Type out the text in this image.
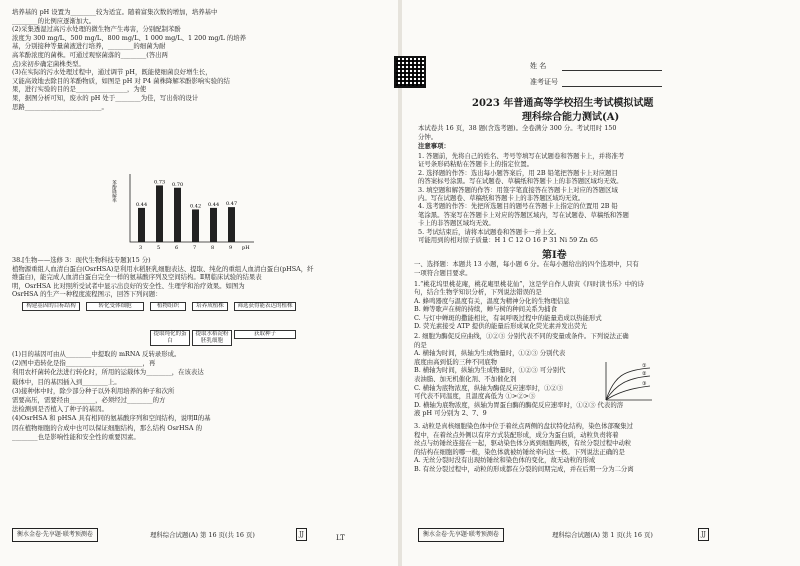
培养基的 pH 设置为________较为适宜。随着富集次数的增加，培养基中
________的比例应逐渐加大。
(2)采集透湿过高污水处理的微生物产生毒害，分别配制苯酚
浓度为 300 mg/L、500 mg/L、800 mg/L、1 000 mg/L、1 200 mg/L 的培养
基，分别接种等量菌液进行培养，________的细菌为耐
高苯酚浓度的菌株。可通过观察菌落的________(答出两
点)来初步确定菌株类型。
(3)在实际的污水处理过程中，通过调节 pH，既能使细菌良好增生长，
又能高效地去除目的苯酚物质，如图是 pH 对 P4 菌株降解苯酚影响实验的结
果，进行实验的目的是________________，为使
果，据图分析可知，废水的 pH 处于________为佳，写出你的设计
思路________________________。
苯酚降解率
0.44
3
0.73
5
0.70
6
0.42
7
0.44
8
0.47
9 pH
38.[生物——选修 3：现代生物科技专题](15 分)
植物源重组人血清白蛋白(OsrHSA)是利用水稻胚乳细胞表达、提取、纯化的重组人血清白蛋白(pHSA，纤
维蛋白)，能完成人血清白蛋白完全一样的氨基酸序列及空间结构。Ⅱ期临床试验的结果表
明，OsrHSA 比对照所受试者中显示出良好的安全性、生理学和治疗效果。如图为
OsrHSA 的生产一种程度流程图示，回答下列问题：
构建基因的目标结构	转化受体细胞	植物组织	培养成植株	筛选获得能表达的植株
提取纯化的蛋白
提取水稻淀粉胚乳细胞
获取种子
(1)目的基因可由从________中提取的 mRNA 反转录形成。
(2)图中造转化是指________________________，再
利用农杆菌转化法进行转化时，所用的运载体为________，在该表达
载体中，目的基因插入到________上。
(3)接种体中时，除少部分种子以外利用培养的种子和次所
需要高压，需要经由________，必须经过________的方
法检测到是否植入了种子的基因。
(4)OsrHSA 和 pHSA 具有相同的氨基酸序列和空间结构，说明Ⅱ的基
因在植物细胞的合成中也可以保证细胞结构，那么结构 OsrHSA 的
________也是影响性能和安全性的重要因素。
衡水金卷·先享题·联考预测卷	理科综合试题(A) 第 16 页(共 16 页)	JJ	LT
姓 名
准考证号
2023 年普通高等学校招生考试模拟试题
理科综合能力测试(A)
本试卷共 16 页，38 题(含选考题)。全卷满分 300 分。考试用时 150
分钟。
注意事项：
1. 答题前，先将自己的姓名、考号等填写在试题卷和答题卡上，并将准考
证号条形码粘贴在答题卡上的指定位置。
2. 选择题的作答：选出每小题答案后，用 2B 铅笔把答题卡上对应题目
的答案标号涂黑。写在试题卷、草稿纸和答题卡上的非答题区域均无效。
3. 填空题和解答题的作答：用签字笔直接答在答题卡上对应的答题区域
内。写在试题卷、草稿纸和答题卡上的非答题区域均无效。
4. 选考题的作答：先把所选题目的题号在答题卡上指定的位置用 2B 铅
笔涂黑。答案写在答题卡上对应的答题区域内，写在试题卷、草稿纸和答题
卡上的非答题区域均无效。
5. 考试结束后，请将本试题卷和答题卡一并上交。
可能用到的相对原子质量：H 1 C 12 O 16 P 31 Ni 59 Zn 65
第Ⅰ卷
一、选择题：本题共 13 小题，每小题 6 分。在每小题给出的四个选项中，只有
一项符合题目要求。
1.“桃花坞里桃花庵，桃花庵里桃花仙”，这是学自作人唐寅《四时读书乐》中的诗
句，结合生物学知识分析，下列说法错误的是
A. 蜂鸣器度与温度有关，温度为精神分化的生物理信息
B. 蝉等歌声在树的持续，蝉与树的种间关系为捕食
C. 与灯中蝉斑的撒能相比，有氧呼吸过程中的能量造成以热能形式
D. 荧光素接受 ATP 提供的能量后形成氧化荧光素并发出荧光
2. 细胞为酶促反应曲线，①②③ 分别代表不同的变量或条件。下列说法正确
的是
A. 横轴为时间，纵轴为生成物量时，①②③ 分别代表
底度由高到低的三种不同底物
B. 横轴为时间，纵轴为生成物量时，①②③ 可分别代
表油脂、加无机催化剂、不加催化剂
C. 横轴为底物浓度，纵轴为酶促反应速率时，①②③
可代表不同温度，且温度高低为 ①>②>③
D. 横轴为底物浓度，纵轴为胃蛋白酶的酶促反应速率时，①②③ 代表的溶
液 pH 可分别为 2、7、9
①
②
③
3. 动粒是真核细胞染色体中位于着丝点两侧的盘状特化结构，染色体部聚集过
程中，在着丝点外侧以有序方式装配形成，成分为蛋白质，动粒负责将着
丝点与纺锤丝连接在一起，驱动染色体分离到细胞两极，有丝分裂过程中动粒
的结构在细胞的哪一极，染色体就被纺锤丝牵向这一极。下列说法正确的是
A. 无丝分裂时没有出现纺锤丝和染色体的变化，故无动粒的形成
B. 有丝分裂过程中，动粒的形成都在分裂的间期完成，并在后期一分为二分离
衡水金卷·先享题·联考预测卷	理科综合试题(A) 第 1 页(共 16 页)	JJ
